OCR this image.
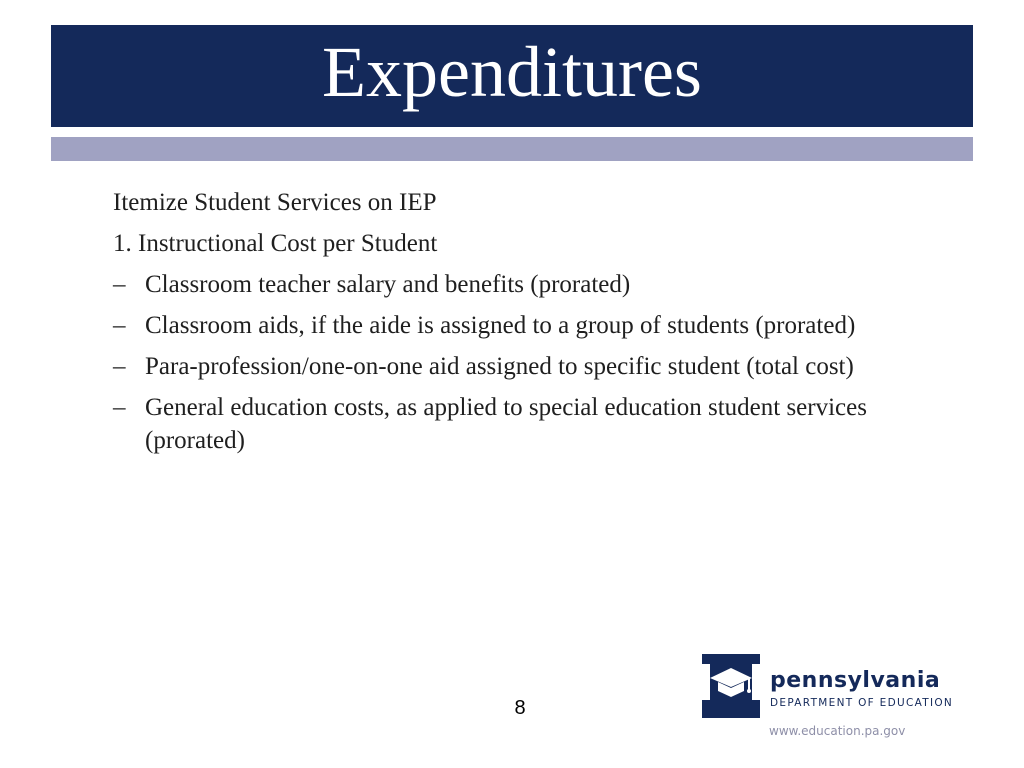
Expenditures

Itemize Student Services on IEP

1. Instructional Cost per Student

– Classroom teacher salary and benefits (prorated)
– Classroom aids, if the aide is assigned to a group of students (prorated)
– Para-profession/one-on-one aid assigned to specific student (total cost)
– General education costs, as applied to special education student services (prorated)
8
pennsylvania
DEPARTMENT OF EDUCATION
www.education.pa.gov
